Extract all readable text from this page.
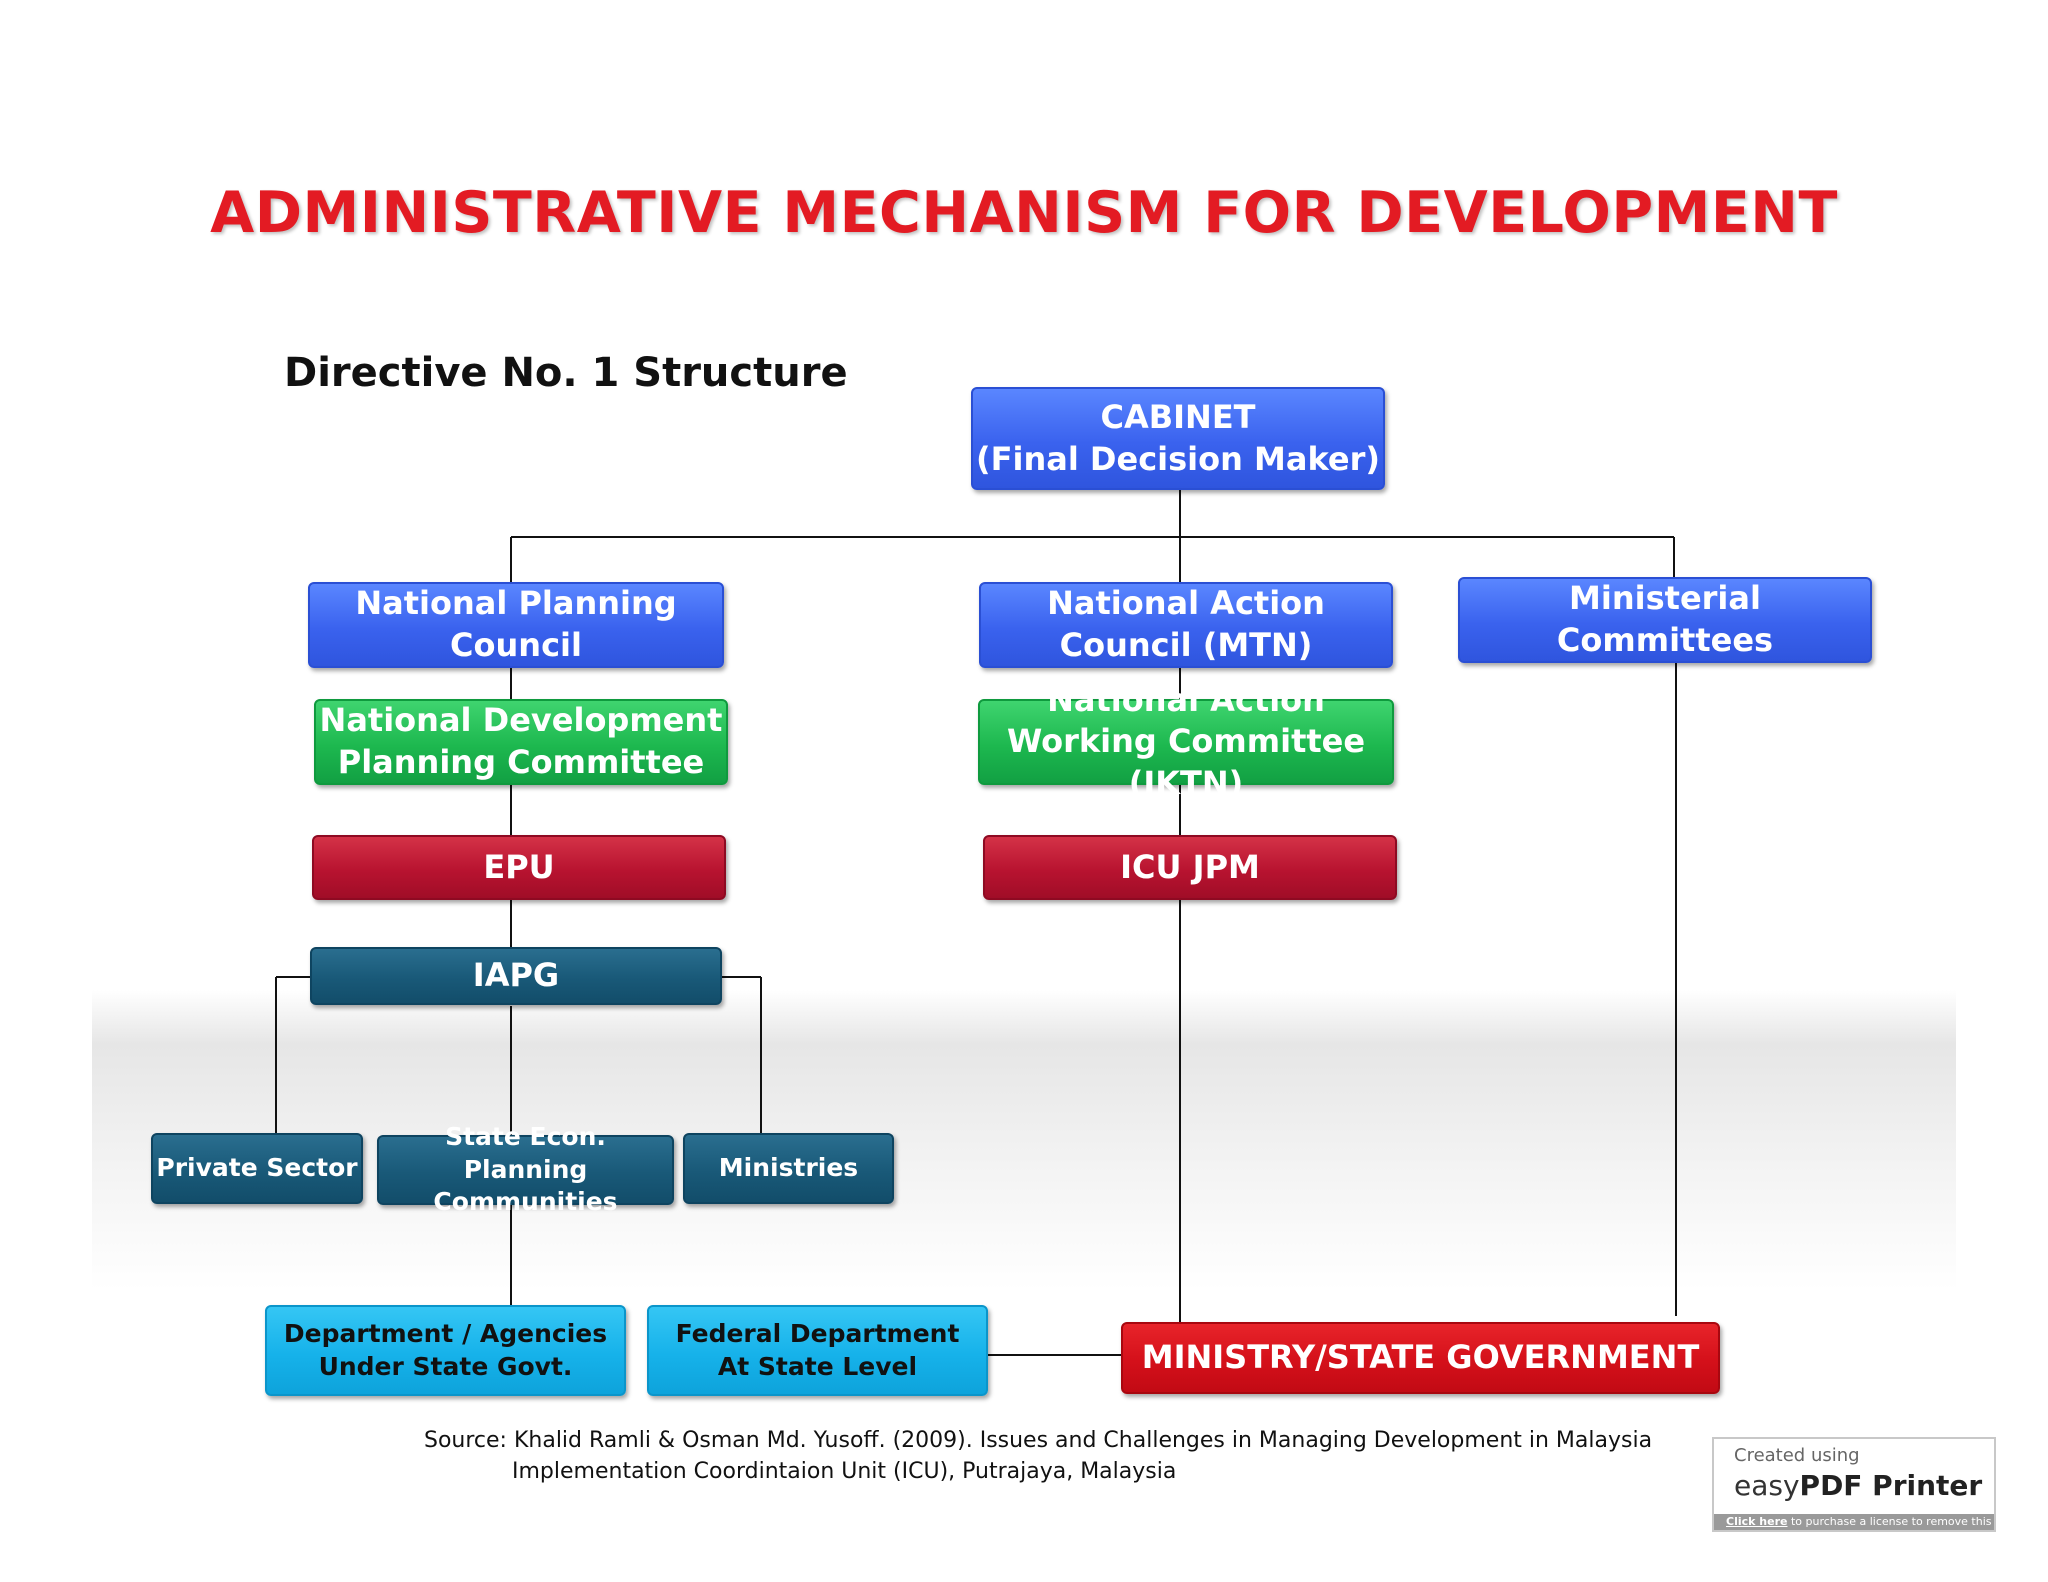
ADMINISTRATIVE MECHANISM FOR DEVELOPMENT
Directive No. 1 Structure
CABINET
(Final Decision Maker)
National Planning Council
National Action
Council (MTN)
Ministerial Committees
National Development
Planning Committee
National Action
Working Committee (JKTN)
EPU	ICU JPM
IAPG
Private Sector
State Econ.
Planning Communities
Ministries
Department / Agencies
Under State Govt.
Federal Department
At State Level	MINISTRY/STATE GOVERNMENT
Source: Khalid Ramli & Osman Md. Yusoff. (2009). Issues and Challenges in Managing Development in Malaysia
Implementation Coordintaion Unit (ICU), Putrajaya, Malaysia
Created using
easyPDF Printer
Click here to purchase a license to remove this image
